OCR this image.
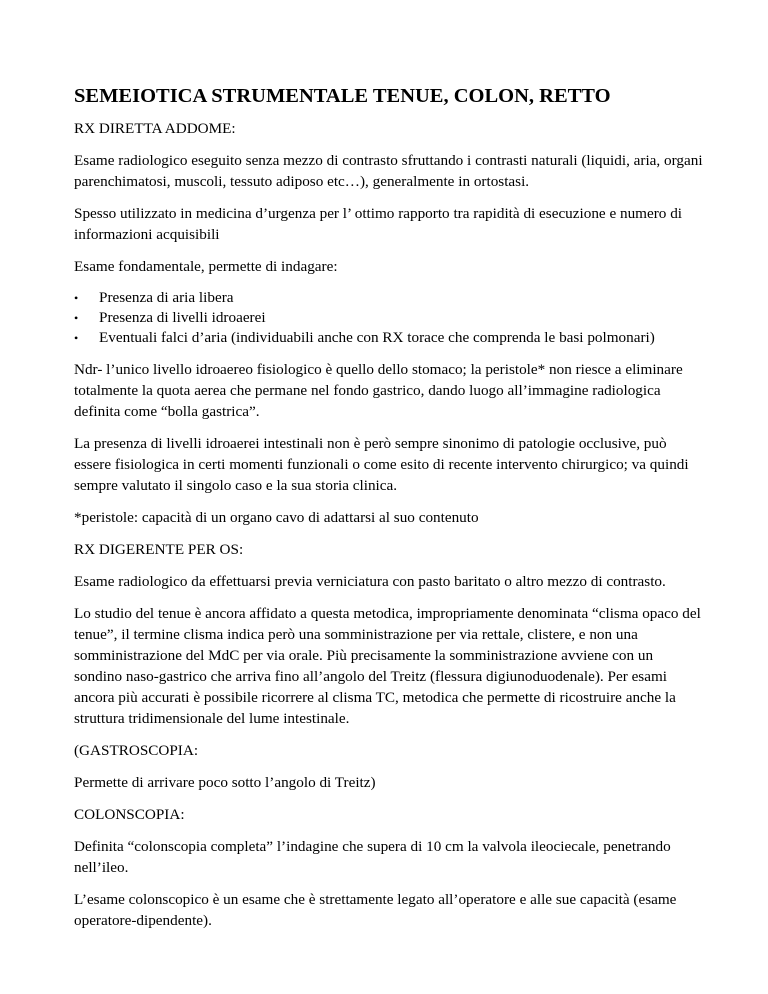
SEMEIOTICA STRUMENTALE TENUE, COLON, RETTO

RX DIRETTA ADDOME:

Esame radiologico eseguito senza mezzo di contrasto sfruttando i contrasti naturali (liquidi, aria, organi parenchimatosi, muscoli, tessuto adiposo etc…), generalmente in ortostasi.

Spesso utilizzato in medicina d’urgenza per l’ ottimo rapporto tra rapidità di esecuzione e numero di informazioni acquisibili

Esame fondamentale, permette di indagare:

•	Presenza di aria libera
•	Presenza di livelli idroaerei
•	Eventuali falci d’aria (individuabili anche con RX torace che comprenda le basi polmonari)

Ndr- l’unico livello idroaereo fisiologico è quello dello stomaco; la peristole* non riesce a eliminare totalmente la quota aerea che permane nel fondo gastrico, dando luogo all’immagine radiologica definita come “bolla gastrica”.

La presenza di livelli idroaerei intestinali non è però sempre sinonimo di patologie occlusive, può essere fisiologica in certi momenti funzionali o come esito di recente intervento chirurgico; va quindi sempre valutato il singolo caso e la sua storia clinica.

*peristole: capacità di un organo cavo di adattarsi al suo contenuto

RX DIGERENTE PER OS:

Esame radiologico da effettuarsi previa verniciatura con pasto baritato o altro mezzo di contrasto.

Lo studio del tenue è ancora affidato a questa metodica, impropriamente denominata “clisma opaco del tenue”, il termine clisma indica però una somministrazione per via rettale, clistere, e non una somministrazione del MdC per via orale. Più precisamente la somministrazione avviene con un sondino naso-gastrico che arriva fino all’angolo del Treitz (flessura digiunoduodenale). Per esami ancora più accurati è possibile ricorrere al clisma TC, metodica che permette di ricostruire anche la struttura tridimensionale del lume intestinale.

(GASTROSCOPIA:

Permette di arrivare poco sotto l’angolo di Treitz)

COLONSCOPIA:

Definita “colonscopia completa” l’indagine che supera di 10 cm la valvola ileociecale, penetrando nell’ileo.

L’esame colonscopico è un esame che è strettamente legato all’operatore e alle sue capacità (esame operatore-dipendente).
